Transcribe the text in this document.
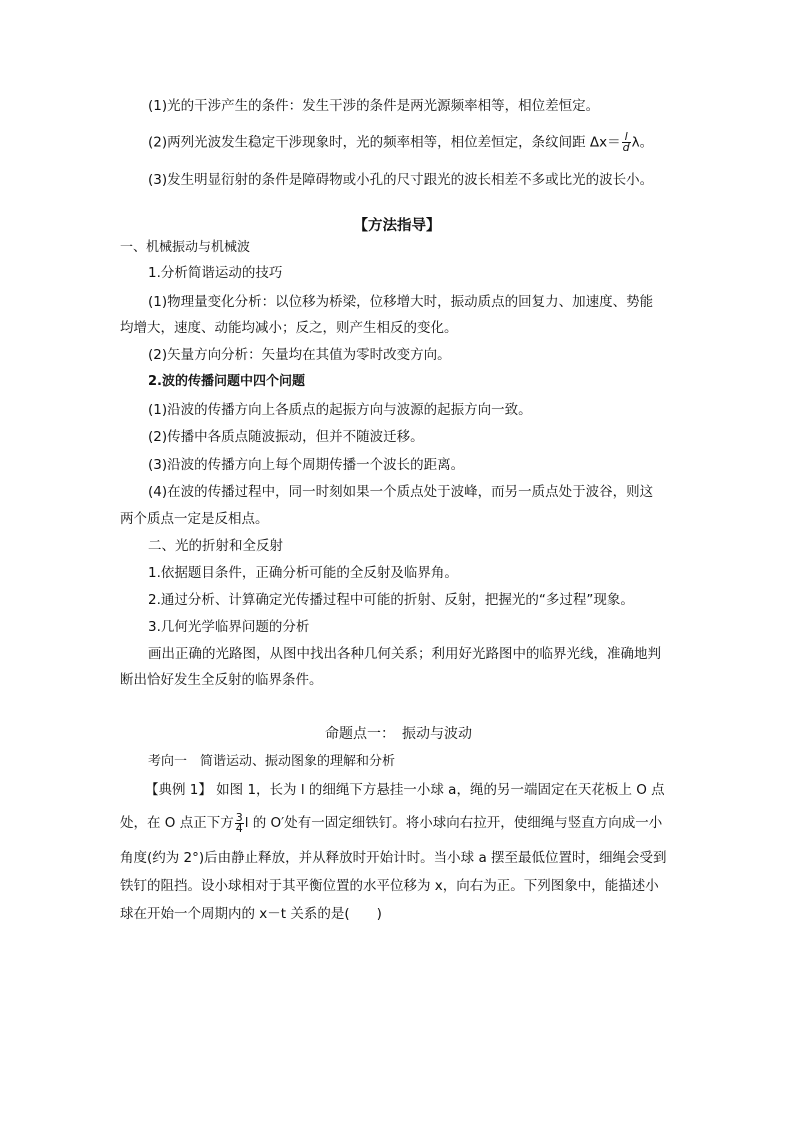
(1)光的干涉产生的条件：发生干涉的条件是两光源频率相等，相位差恒定。
(2)两列光波发生稳定干涉现象时，光的频率相等，相位差恒定，条纹间距 $\Delta x= \frac{l}{d}$ λ。
(3)发生明显衍射的条件是障碍物或小孔的尺寸跟光的波长相差不多或比光的波长小。
【方法指导】
一、机械振动与机械波
1.分析简谐运动的技巧
(1)物理量变化分析：以位移为桥梁，位移增大时，振动质点的回复力、加速度、势能
均增大，速度、动能均减小；反之，则产生相反的变化。
(2)矢量方向分析：矢量均在其值为零时改变方向。
2.波的传播问题中四个问题
(1)沿波的传播方向上各质点的起振方向与波源的起振方向一致。
(2)传播中各质点随波振动，但并不随波迁移。
(3)沿波的传播方向上每个周期传播一个波长的距离。
(4)在波的传播过程中，同一时刻如果一个质点处于波峰，而另一质点处于波谷，则这
两个质点一定是反相点。
二、光的折射和全反射
1.依据题目条件，正确分析可能的全反射及临界角。
2.通过分析、计算确定光传播过程中可能的折射、反射，把握光的“多过程”现象。
3.几何光学临界问题的分析
画出正确的光路图，从图中找出各种几何关系；利用好光路图中的临界光线，准确地判
断出恰好发生全反射的临界条件。
命题点一：　振动与波动
考向一　简谐运动、振动图象的理解和分析
【典例 1】 如图 1，长为 l 的细绳下方悬挂一小球 a，绳的另一端固定在天花板上 O 点
处，在 O 点正下方 $\frac{3}{4}$ l 的 O′处有一固定细铁钉。将小球向右拉开，使细绳与竖直方向成一小
角度(约为 2°)后由静止释放，并从释放时开始计时。当小球 a 摆至最低位置时，细绳会受到
铁钉的阻挡。设小球相对于其平衡位置的水平位移为 x，向右为正。下列图象中，能描述小
球在开始一个周期内的 x－t 关系的是(　　)
